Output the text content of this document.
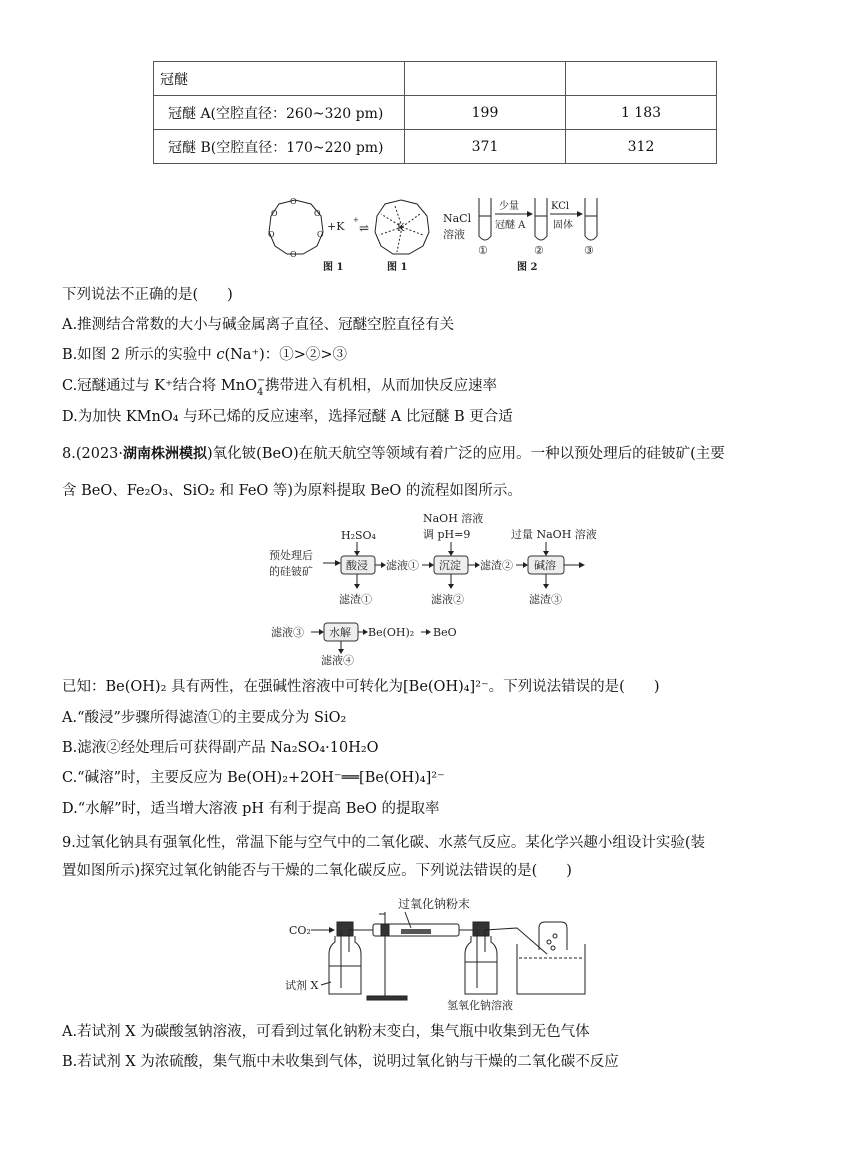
冠醚		
冠醚 A(空腔直径：260~320 pm)	199	1 183
冠醚 B(空腔直径：170~220 pm)	371	312
O
O
O
O
O
O
+K +
⇌	K
图 1
图 1
NaCl
溶液
①
少量
冠醚 A
②
KCl
固体
③
图 2
下列说法不正确的是(　　)
A.推测结合常数的大小与碱金属离子直径、冠醚空腔直径有关
B.如图 2 所示的实验中 c(Na⁺)：①>②>③
C.冠醚通过与 K⁺结合将 MnO −
4 携带进入有机相，从而加快反应速率
D.为加快 KMnO₄ 与环己烯的反应速率，选择冠醚 A 比冠醚 B 更合适
8.(2023·湖南株洲模拟)氧化铍(BeO)在航天航空等领域有着广泛的应用。一种以预处理后的硅铍矿(主要
含 BeO、Fe₂O₃、SiO₂ 和 FeO 等)为原料提取 BeO 的流程如图所示。
预处理后
的硅铍矿
H₂SO₄
酸浸
滤渣①
滤液①
NaOH 溶液
调 pH=9
沉淀
滤液②
滤渣②
过量 NaOH 溶液
碱溶
滤渣③
滤液③ 水解 Be(OH)₂ BeO
滤液④
已知：Be(OH)₂ 具有两性，在强碱性溶液中可转化为[Be(OH)₄]²⁻。下列说法错误的是(　　)
A.“酸浸”步骤所得滤渣①的主要成分为 SiO₂
B.滤液②经处理后可获得副产品 Na₂SO₄·10H₂O
C.“碱溶”时，主要反应为 Be(OH)₂+2OH⁻══[Be(OH)₄]²⁻
D.“水解”时，适当增大溶液 pH 有利于提高 BeO 的提取率
9.过氧化钠具有强氧化性，常温下能与空气中的二氧化碳、水蒸气反应。某化学兴趣小组设计实验(装
置如图所示)探究过氧化钠能否与干燥的二氧化碳反应。下列说法错误的是(　　)
过氧化钠粉末
CO₂
试剂 X
氢氧化钠溶液
A.若试剂 X 为碳酸氢钠溶液，可看到过氧化钠粉末变白，集气瓶中收集到无色气体
B.若试剂 X 为浓硫酸，集气瓶中未收集到气体，说明过氧化钠与干燥的二氧化碳不反应
